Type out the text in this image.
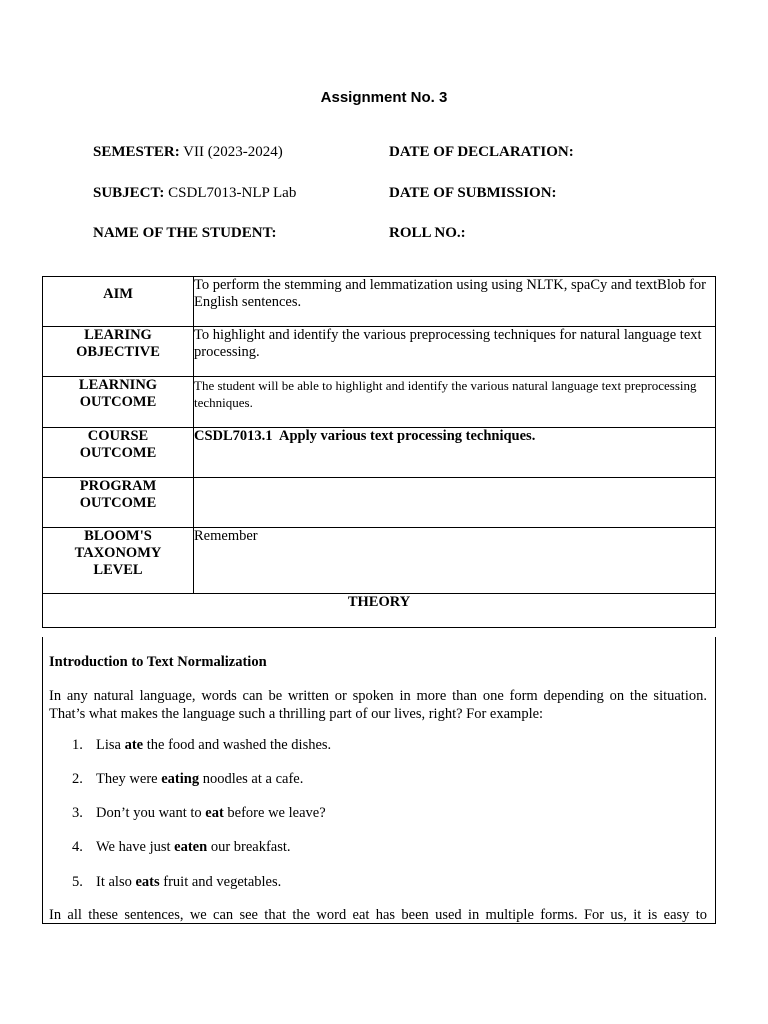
Assignment No. 3
SEMESTER: VII (2023-2024)	DATE OF DECLARATION:
SUBJECT: CSDL7013-NLP Lab	DATE OF SUBMISSION:
NAME OF THE STUDENT:	ROLL NO.:
AIM	To perform the stemming and lemmatization using using NLTK, spaCy and textBlob for English sentences.
LEARING
OBJECTIVE	To highlight and identify the various preprocessing techniques for natural language text processing.
LEARNING
OUTCOME	The student will be able to highlight and identify the various natural language text preprocessing techniques.
COURSE
OUTCOME	CSDL7013.1  Apply various text processing techniques.
PROGRAM
OUTCOME	
BLOOM'S
TAXONOMY
LEVEL	Remember
THEORY	
Introduction to Text Normalization
In any natural language, words can be written or spoken in more than one form depending on the situation. That’s what makes the language such a thrilling part of our lives, right? For example:
1. Lisa ate the food and washed the dishes.
2. They were eating noodles at a cafe.
3. Don’t you want to eat before we leave?
4. We have just eaten our breakfast.
5. It also eats fruit and vegetables.
In all these sentences, we can see that the word eat has been used in multiple forms. For us, it is easy to
